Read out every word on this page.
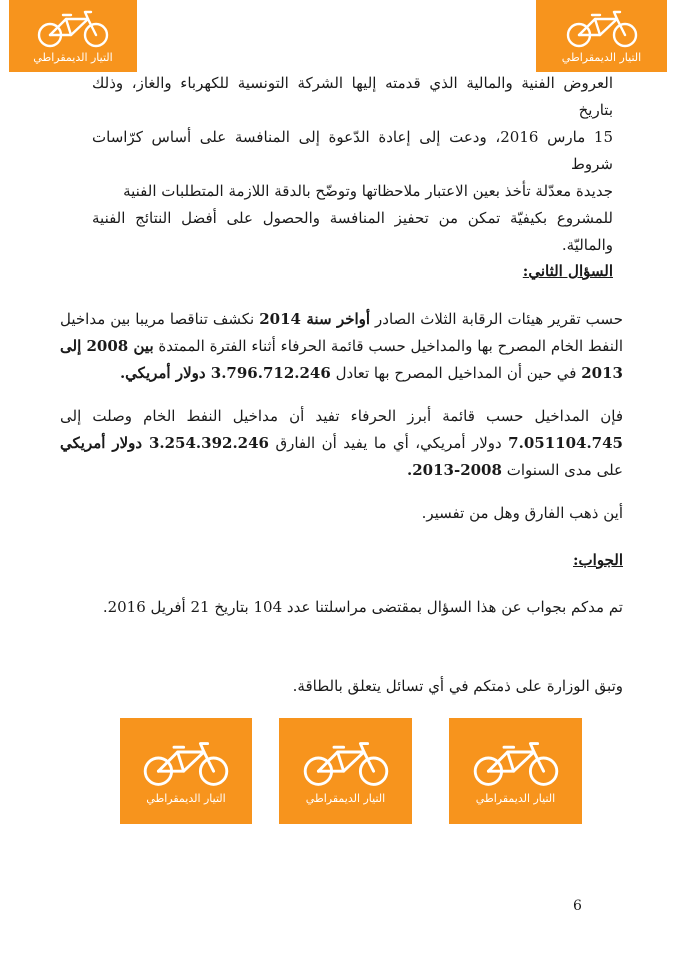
التيار الديمقراطي	التيار الديمقراطي
العروض الفنية والمالية الذي قدمته إليها الشركة التونسية للكهرباء والغاز، وذلك بتاريخ
15 مارس 2016، ودعت إلى إعادة الدّعوة إلى المنافسة على أساس كرّاسات شروط
جديدة معدّلة تأخذ بعين الاعتبار ملاحظاتها وتوضّح بالدقة اللازمة المتطلبات الفنية
للمشروع بكيفيّة تمكن من تحفيز المنافسة والحصول على أفضل النتائج الفنية والماليّة.
السؤال الثاني:
حسب تقرير هيئات الرقابة الثلاث الصادر أواخر سنة 2014 نكشف تناقصا مريبا بين مداخيل النفط الخام المصرح بها والمداخيل حسب قائمة الحرفاء أثناء الفترة الممتدة بين 2008 إلى 2013 في حين أن المداخيل المصرح بها تعادل 3.796.712.246 دولار أمريكي.
فإن المداخيل حسب قائمة أبرز الحرفاء تفيد أن مداخيل النفط الخام وصلت إلى 7.051104.745 دولار أمريكي، أي ما يفيد أن الفارق 3.254.392.246 دولار أمريكي على مدى السنوات 2008-2013.
أين ذهب الفارق وهل من تفسير.
الجواب:
تم مدكم بجواب عن هذا السؤال بمقتضى مراسلتنا عدد 104 بتاريخ 21 أفريل 2016.
وتبق الوزارة على ذمتكم في أي تسائل يتعلق بالطاقة.
التيار الديمقراطي	التيار الديمقراطي	التيار الديمقراطي
6
